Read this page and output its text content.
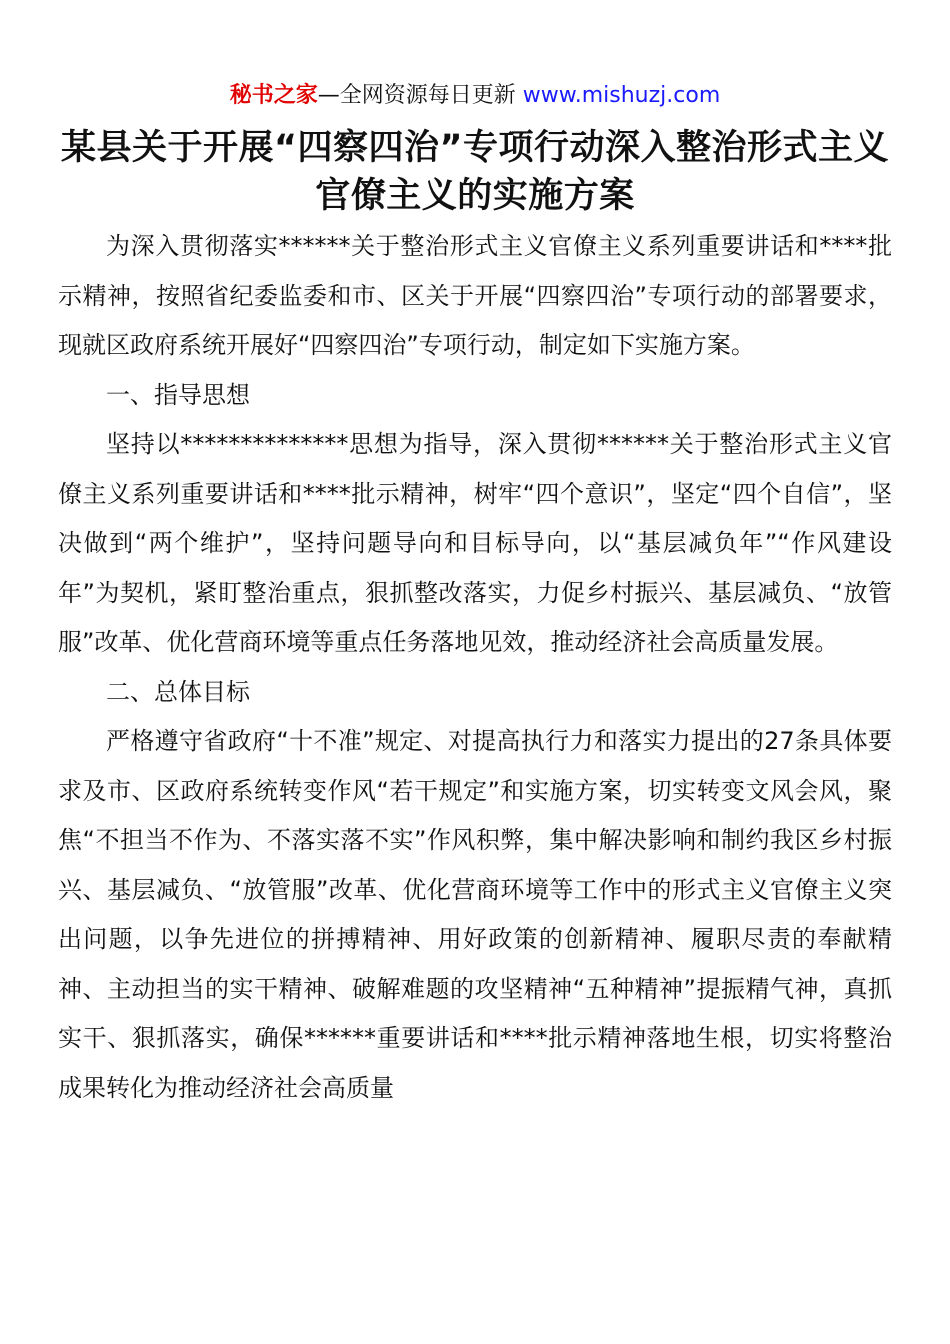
秘书之家—全网资源每日更新 www.mishuzj.com
某县关于开展“四察四治”专项行动深入整治形式主义官僚主义的实施方案

为深入贯彻落实******关于整治形式主义官僚主义系列重要讲话和****批示精神，按照省纪委监委和市、区关于开展“四察四治”专项行动的部署要求，现就区政府系统开展好“四察四治”专项行动，制定如下实施方案。

一、指导思想

坚持以**************思想为指导，深入贯彻******关于整治形式主义官僚主义系列重要讲话和****批示精神，树牢“四个意识”，坚定“四个自信”，坚决做到“两个维护”，坚持问题导向和目标导向，以“基层减负年”“作风建设年”为契机，紧盯整治重点，狠抓整改落实，力促乡村振兴、基层减负、“放管服”改革、优化营商环境等重点任务落地见效，推动经济社会高质量发展。

二、总体目标

严格遵守省政府“十不准”规定、对提高执行力和落实力提出的27条具体要求及市、区政府系统转变作风“若干规定”和实施方案，切实转变文风会风，聚焦“不担当不作为、不落实落不实”作风积弊，集中解决影响和制约我区乡村振兴、基层减负、“放管服”改革、优化营商环境等工作中的形式主义官僚主义突出问题，以争先进位的拼搏精神、用好政策的创新精神、履职尽责的奉献精神、主动担当的实干精神、破解难题的攻坚精神“五种精神”提振精气神，真抓实干、狠抓落实，确保******重要讲话和****批示精神落地生根，切实将整治成果转化为推动经济社会高质量
